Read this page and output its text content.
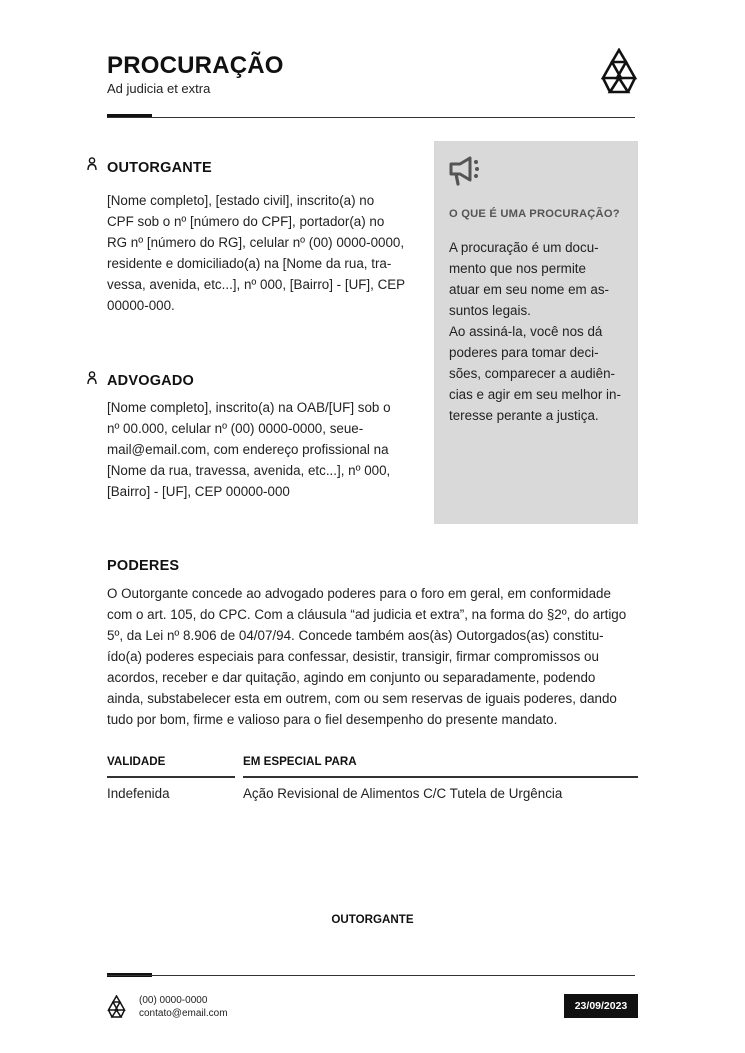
PROCURAÇÃO
Ad judicia et extra
OUTORGANTE
[Nome completo], [estado civil], inscrito(a) no
CPF sob o nº [número do CPF], portador(a) no
RG nº [número do RG], celular nº (00) 0000-0000,
residente e domiciliado(a) na [Nome da rua, tra-
vessa, avenida, etc...], nº 000, [Bairro] - [UF], CEP
00000-000.
ADVOGADO
[Nome completo], inscrito(a) na OAB/[UF] sob o
nº 00.000, celular nº (00) 0000-0000, seue-
mail@email.com, com endereço profissional na
[Nome da rua, travessa, avenida, etc...], nº 000,
[Bairro] - [UF], CEP 00000-000
O QUE É UMA PROCURAÇÃO?
A procuração é um docu-
mento que nos permite
atuar em seu nome em as-
suntos legais.
Ao assiná-la, você nos dá
poderes para tomar deci-
sões, comparecer a audiên-
cias e agir em seu melhor in-
teresse perante a justiça.
PODERES
O Outorgante concede ao advogado poderes para o foro em geral, em conformidade
com o art. 105, do CPC. Com a cláusula “ad judicia et extra”, na forma do §2º, do artigo
5º, da Lei nº 8.906 de 04/07/94. Concede também aos(às) Outorgados(as) constitu-
ído(a) poderes especiais para confessar, desistir, transigir, firmar compromissos ou
acordos, receber e dar quitação, agindo em conjunto ou separadamente, podendo
ainda, substabelecer esta em outrem, com ou sem reservas de iguais poderes, dando
tudo por bom, firme e valioso para o fiel desempenho do presente mandato.
VALIDADE
Indefenida
EM ESPECIAL PARA
Ação Revisional de Alimentos C/C Tutela de Urgência
OUTORGANTE
(00) 0000-0000
contato@email.com
23/09/2023
